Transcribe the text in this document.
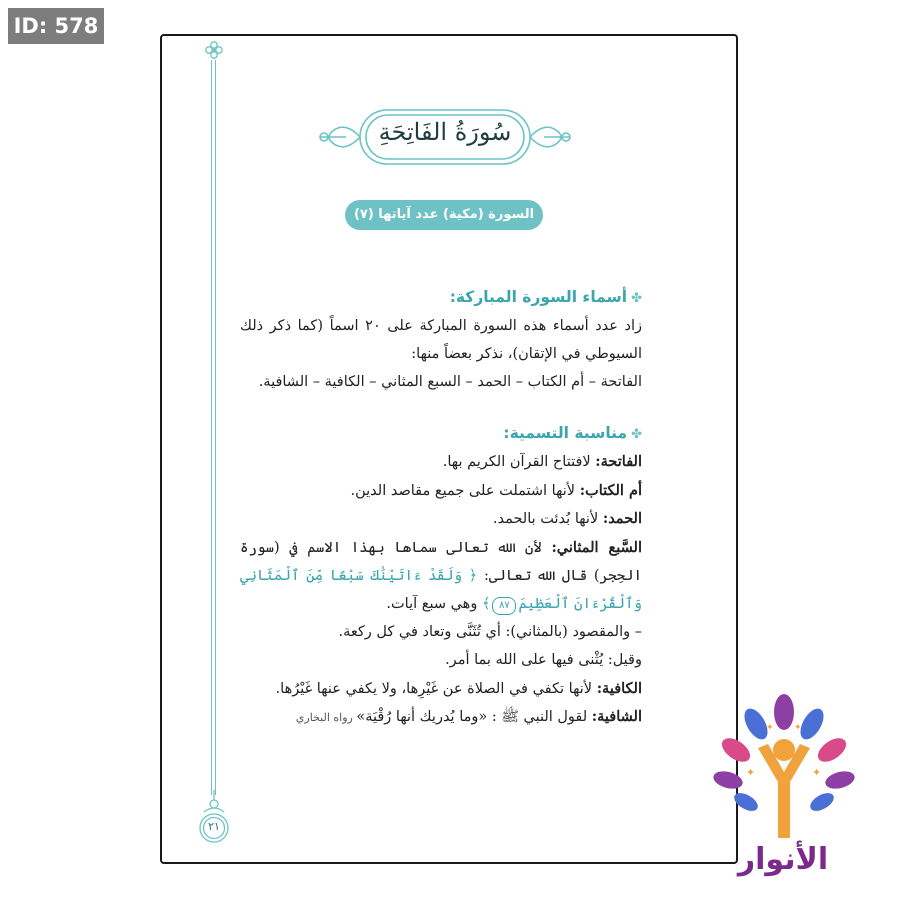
ID: 578
٢١
سُورَةُ الفَاتِحَةِ
السورة (مكية) عدد آياتها (٧)

✤أسماء السورة المباركة:

زاد عدد أسماء هذه السورة المباركة على ٢٠ اسماً (كما ذكر ذلك السيوطي في الإتقان)، نذكر بعضاً منها:

الفاتحة – أم الكتاب – الحمد – السبع المثاني – الكافية – الشافية.

✤مناسبة التسمية:

الفاتحة: لافتتاح القرآن الكريم بها.

أم الكتاب: لأنها اشتملت على جميع مقاصد الدين.

الحمد: لأنها بُدئت بالحمد.

السَّبع المثاني: لأن الله تعالى سماها بهذا الاسم في (سورة الحِجر) قال الله تعالى: ﴿ وَلَقَدْ ءَاتَيْنَٰكَ سَبْعًا مِّنَ ٱلْمَثَانِي وَٱلْقُرْءَانَ ٱلْعَظِيمَ٨٧﴾ وهي سبع آيات.

– والمقصود (بالمثاني): أي تُثَنَّى وتعاد في كل ركعة.

وقيل: يُثْنى فيها على الله بما أمر.

الكافية: لأنها تكفي في الصلاة عن غَيْرِها، ولا يكفي عنها غَيْرُها.

الشافية: لقول النبي ﷺ : «وما يُدريك أنها رُقْيَة» رواه البخاري

✦	✦
✦ ✦
الأنوار
